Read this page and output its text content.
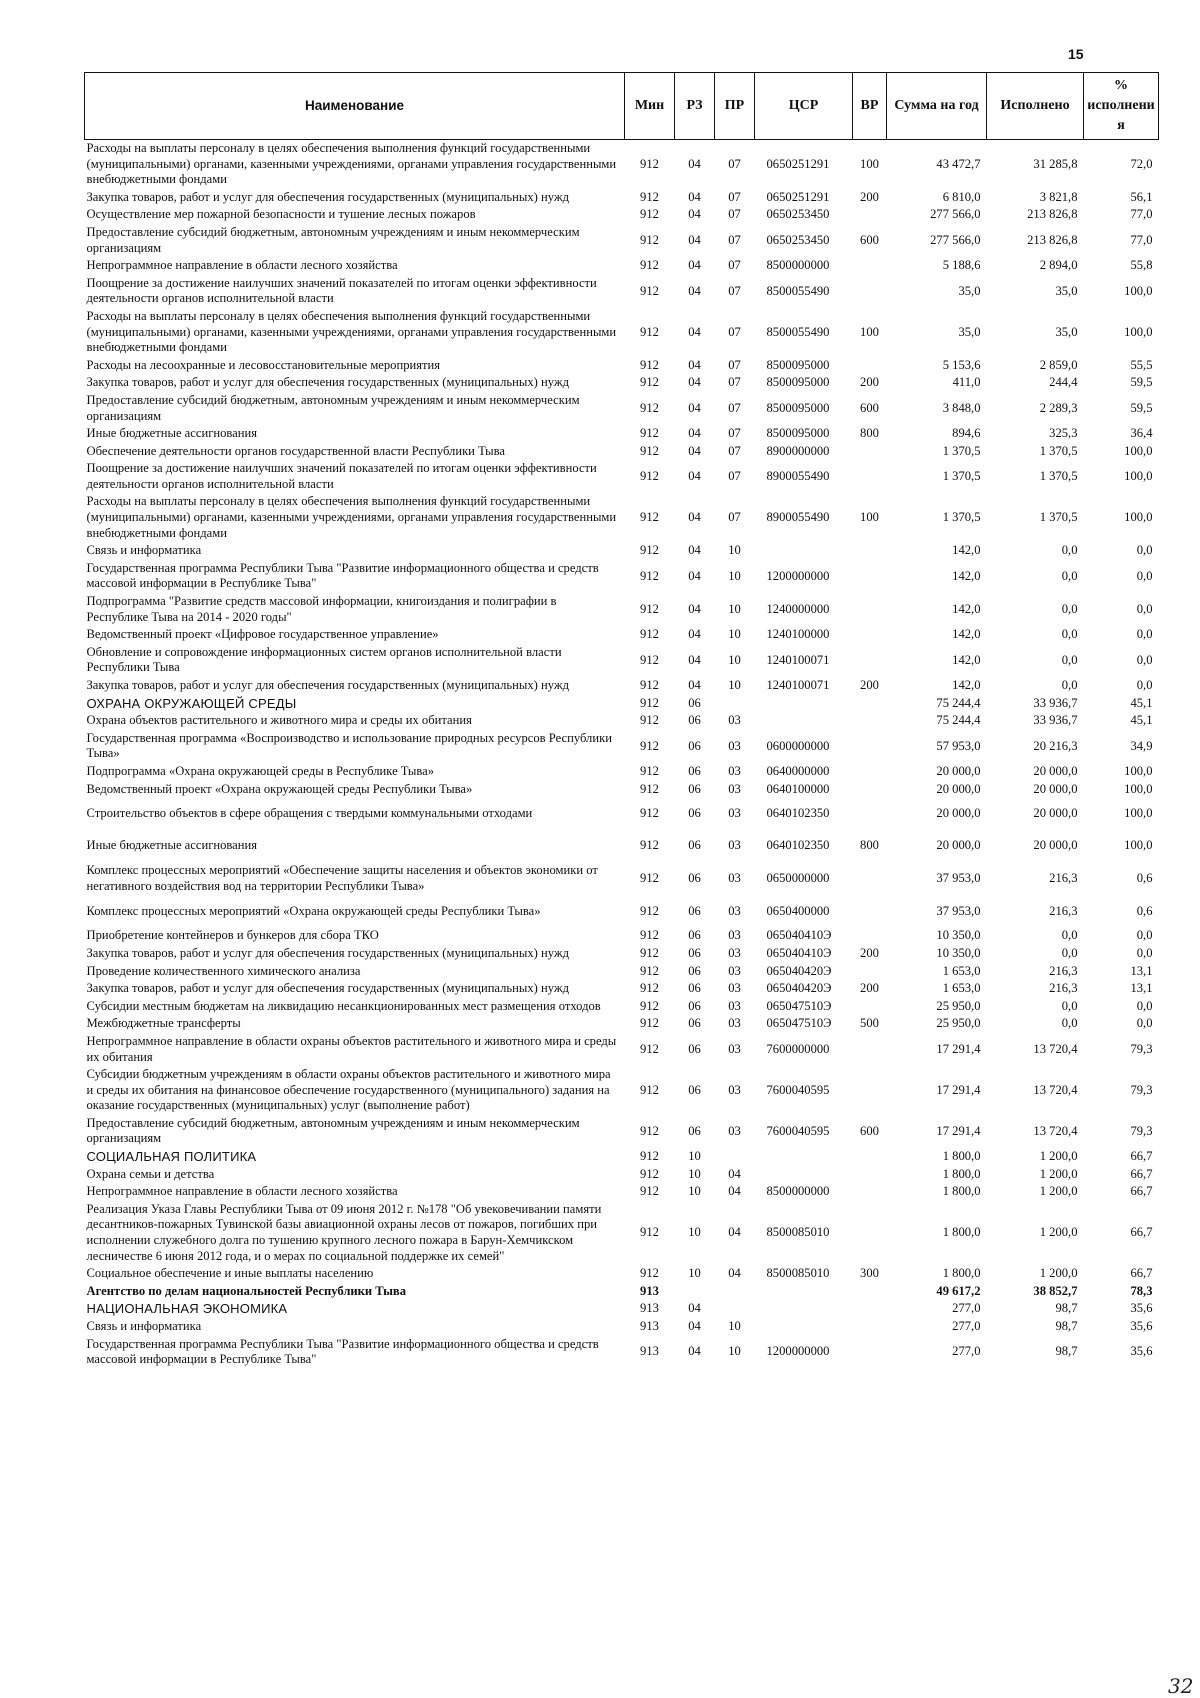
15
Наименование	Мин	РЗ	ПР	ЦСР	ВР	Сумма на год	Исполнено	% исполнени я
Расходы на выплаты персоналу в целях обеспечения выполнения функций государственными (муниципальными) органами, казенными учреждениями, органами управления государственными внебюджетными фондами	912	04	07	0650251291	100	43 472,7	31 285,8	72,0
Закупка товаров, работ и услуг для обеспечения государственных (муниципальных) нужд	912	04	07	0650251291	200	6 810,0	3 821,8	56,1
Осуществление мер пожарной безопасности и тушение лесных пожаров	912	04	07	0650253450		277 566,0	213 826,8	77,0
Предоставление субсидий бюджетным, автономным учреждениям и иным некоммерческим организациям	912	04	07	0650253450	600	277 566,0	213 826,8	77,0
Непрограммное направление в области лесного хозяйства	912	04	07	8500000000		5 188,6	2 894,0	55,8
Поощрение за достижение наилучших значений показателей по итогам оценки эффективности деятельности органов исполнительной власти	912	04	07	8500055490		35,0	35,0	100,0
Расходы на выплаты персоналу в целях обеспечения выполнения функций государственными (муниципальными) органами, казенными учреждениями, органами управления государственными внебюджетными фондами	912	04	07	8500055490	100	35,0	35,0	100,0
Расходы на лесоохранные и лесовосстановительные мероприятия	912	04	07	8500095000		5 153,6	2 859,0	55,5
Закупка товаров, работ и услуг для обеспечения государственных (муниципальных) нужд	912	04	07	8500095000	200	411,0	244,4	59,5
Предоставление субсидий бюджетным, автономным учреждениям и иным некоммерческим организациям	912	04	07	8500095000	600	3 848,0	2 289,3	59,5
Иные бюджетные ассигнования	912	04	07	8500095000	800	894,6	325,3	36,4
Обеспечение деятельности органов государственной власти Республики Тыва	912	04	07	8900000000		1 370,5	1 370,5	100,0
Поощрение за достижение наилучших значений показателей по итогам оценки эффективности деятельности органов исполнительной власти	912	04	07	8900055490		1 370,5	1 370,5	100,0
Расходы на выплаты персоналу в целях обеспечения выполнения функций государственными (муниципальными) органами, казенными учреждениями, органами управления государственными внебюджетными фондами	912	04	07	8900055490	100	1 370,5	1 370,5	100,0
Связь и информатика	912	04	10			142,0	0,0	0,0
Государственная программа Республики Тыва "Развитие информационного общества и средств массовой информации в Республике Тыва"	912	04	10	1200000000		142,0	0,0	0,0
Подпрограмма "Развитие средств массовой информации, книгоиздания и полиграфии в Республике Тыва на 2014 - 2020 годы"	912	04	10	1240000000		142,0	0,0	0,0
Ведомственный проект «Цифровое государственное управление»	912	04	10	1240100000		142,0	0,0	0,0
Обновление и сопровождение информационных систем органов исполнительной власти Республики Тыва	912	04	10	1240100071		142,0	0,0	0,0
Закупка товаров, работ и услуг для обеспечения государственных (муниципальных) нужд	912	04	10	1240100071	200	142,0	0,0	0,0
ОХРАНА ОКРУЖАЮЩЕЙ СРЕДЫ	912	06				75 244,4	33 936,7	45,1
Охрана объектов растительного и животного мира и среды их обитания	912	06	03			75 244,4	33 936,7	45,1
Государственная программа «Воспроизводство и использование природных ресурсов Республики Тыва»	912	06	03	0600000000		57 953,0	20 216,3	34,9
Подпрограмма «Охрана окружающей среды в Республике Тыва»	912	06	03	0640000000		20 000,0	20 000,0	100,0
Ведомственный проект «Охрана окружающей среды Республики Тыва»	912	06	03	0640100000		20 000,0	20 000,0	100,0
Строительство объектов в сфере обращения с твердыми коммунальными отходами	912	06	03	0640102350		20 000,0	20 000,0	100,0
Иные бюджетные ассигнования	912	06	03	0640102350	800	20 000,0	20 000,0	100,0
Комплекс процессных мероприятий «Обеспечение защиты населения и объектов экономики от негативного воздействия вод на территории Республики Тыва»	912	06	03	0650000000		37 953,0	216,3	0,6
Комплекс процессных мероприятий «Охрана окружающей среды Республики Тыва»	912	06	03	0650400000		37 953,0	216,3	0,6
Приобретение контейнеров и бункеров для сбора ТКО	912	06	03	065040410Э		10 350,0	0,0	0,0
Закупка товаров, работ и услуг для обеспечения государственных (муниципальных) нужд	912	06	03	065040410Э	200	10 350,0	0,0	0,0
Проведение количественного химического анализа	912	06	03	065040420Э		1 653,0	216,3	13,1
Закупка товаров, работ и услуг для обеспечения государственных (муниципальных) нужд	912	06	03	065040420Э	200	1 653,0	216,3	13,1
Субсидии местным бюджетам на ликвидацию несанкционированных мест размещения отходов	912	06	03	065047510Э		25 950,0	0,0	0,0
Межбюджетные трансферты	912	06	03	065047510Э	500	25 950,0	0,0	0,0
Непрограммное направление в области охраны объектов растительного и животного мира и среды их обитания	912	06	03	7600000000		17 291,4	13 720,4	79,3
Субсидии бюджетным учреждениям в области охраны объектов растительного и животного мира и среды их обитания на финансовое обеспечение государственного (муниципального) задания на оказание государственных (муниципальных) услуг (выполнение работ)	912	06	03	7600040595		17 291,4	13 720,4	79,3
Предоставление субсидий бюджетным, автономным учреждениям и иным некоммерческим организациям	912	06	03	7600040595	600	17 291,4	13 720,4	79,3
СОЦИАЛЬНАЯ ПОЛИТИКА	912	10				1 800,0	1 200,0	66,7
Охрана семьи и детства	912	10	04			1 800,0	1 200,0	66,7
Непрограммное направление в области лесного хозяйства	912	10	04	8500000000		1 800,0	1 200,0	66,7
Реализация Указа Главы Республики Тыва от 09 июня 2012 г. №178 "Об увековечивании памяти десантников-пожарных Тувинской базы авиационной охраны лесов от пожаров, погибших при исполнении служебного долга по тушению крупного лесного пожара в Барун-Хемчикском лесничестве 6 июня 2012 года, и о мерах по социальной поддержке их семей"	912	10	04	8500085010		1 800,0	1 200,0	66,7
Социальное обеспечение и иные выплаты населению	912	10	04	8500085010	300	1 800,0	1 200,0	66,7
Агентство по делам национальностей Республики Тыва	913					49 617,2	38 852,7	78,3
НАЦИОНАЛЬНАЯ ЭКОНОМИКА	913	04				277,0	98,7	35,6
Связь и информатика	913	04	10			277,0	98,7	35,6
Государственная программа Республики Тыва "Развитие информационного общества и средств массовой информации в Республике Тыва"	913	04	10	1200000000		277,0	98,7	35,6
32
